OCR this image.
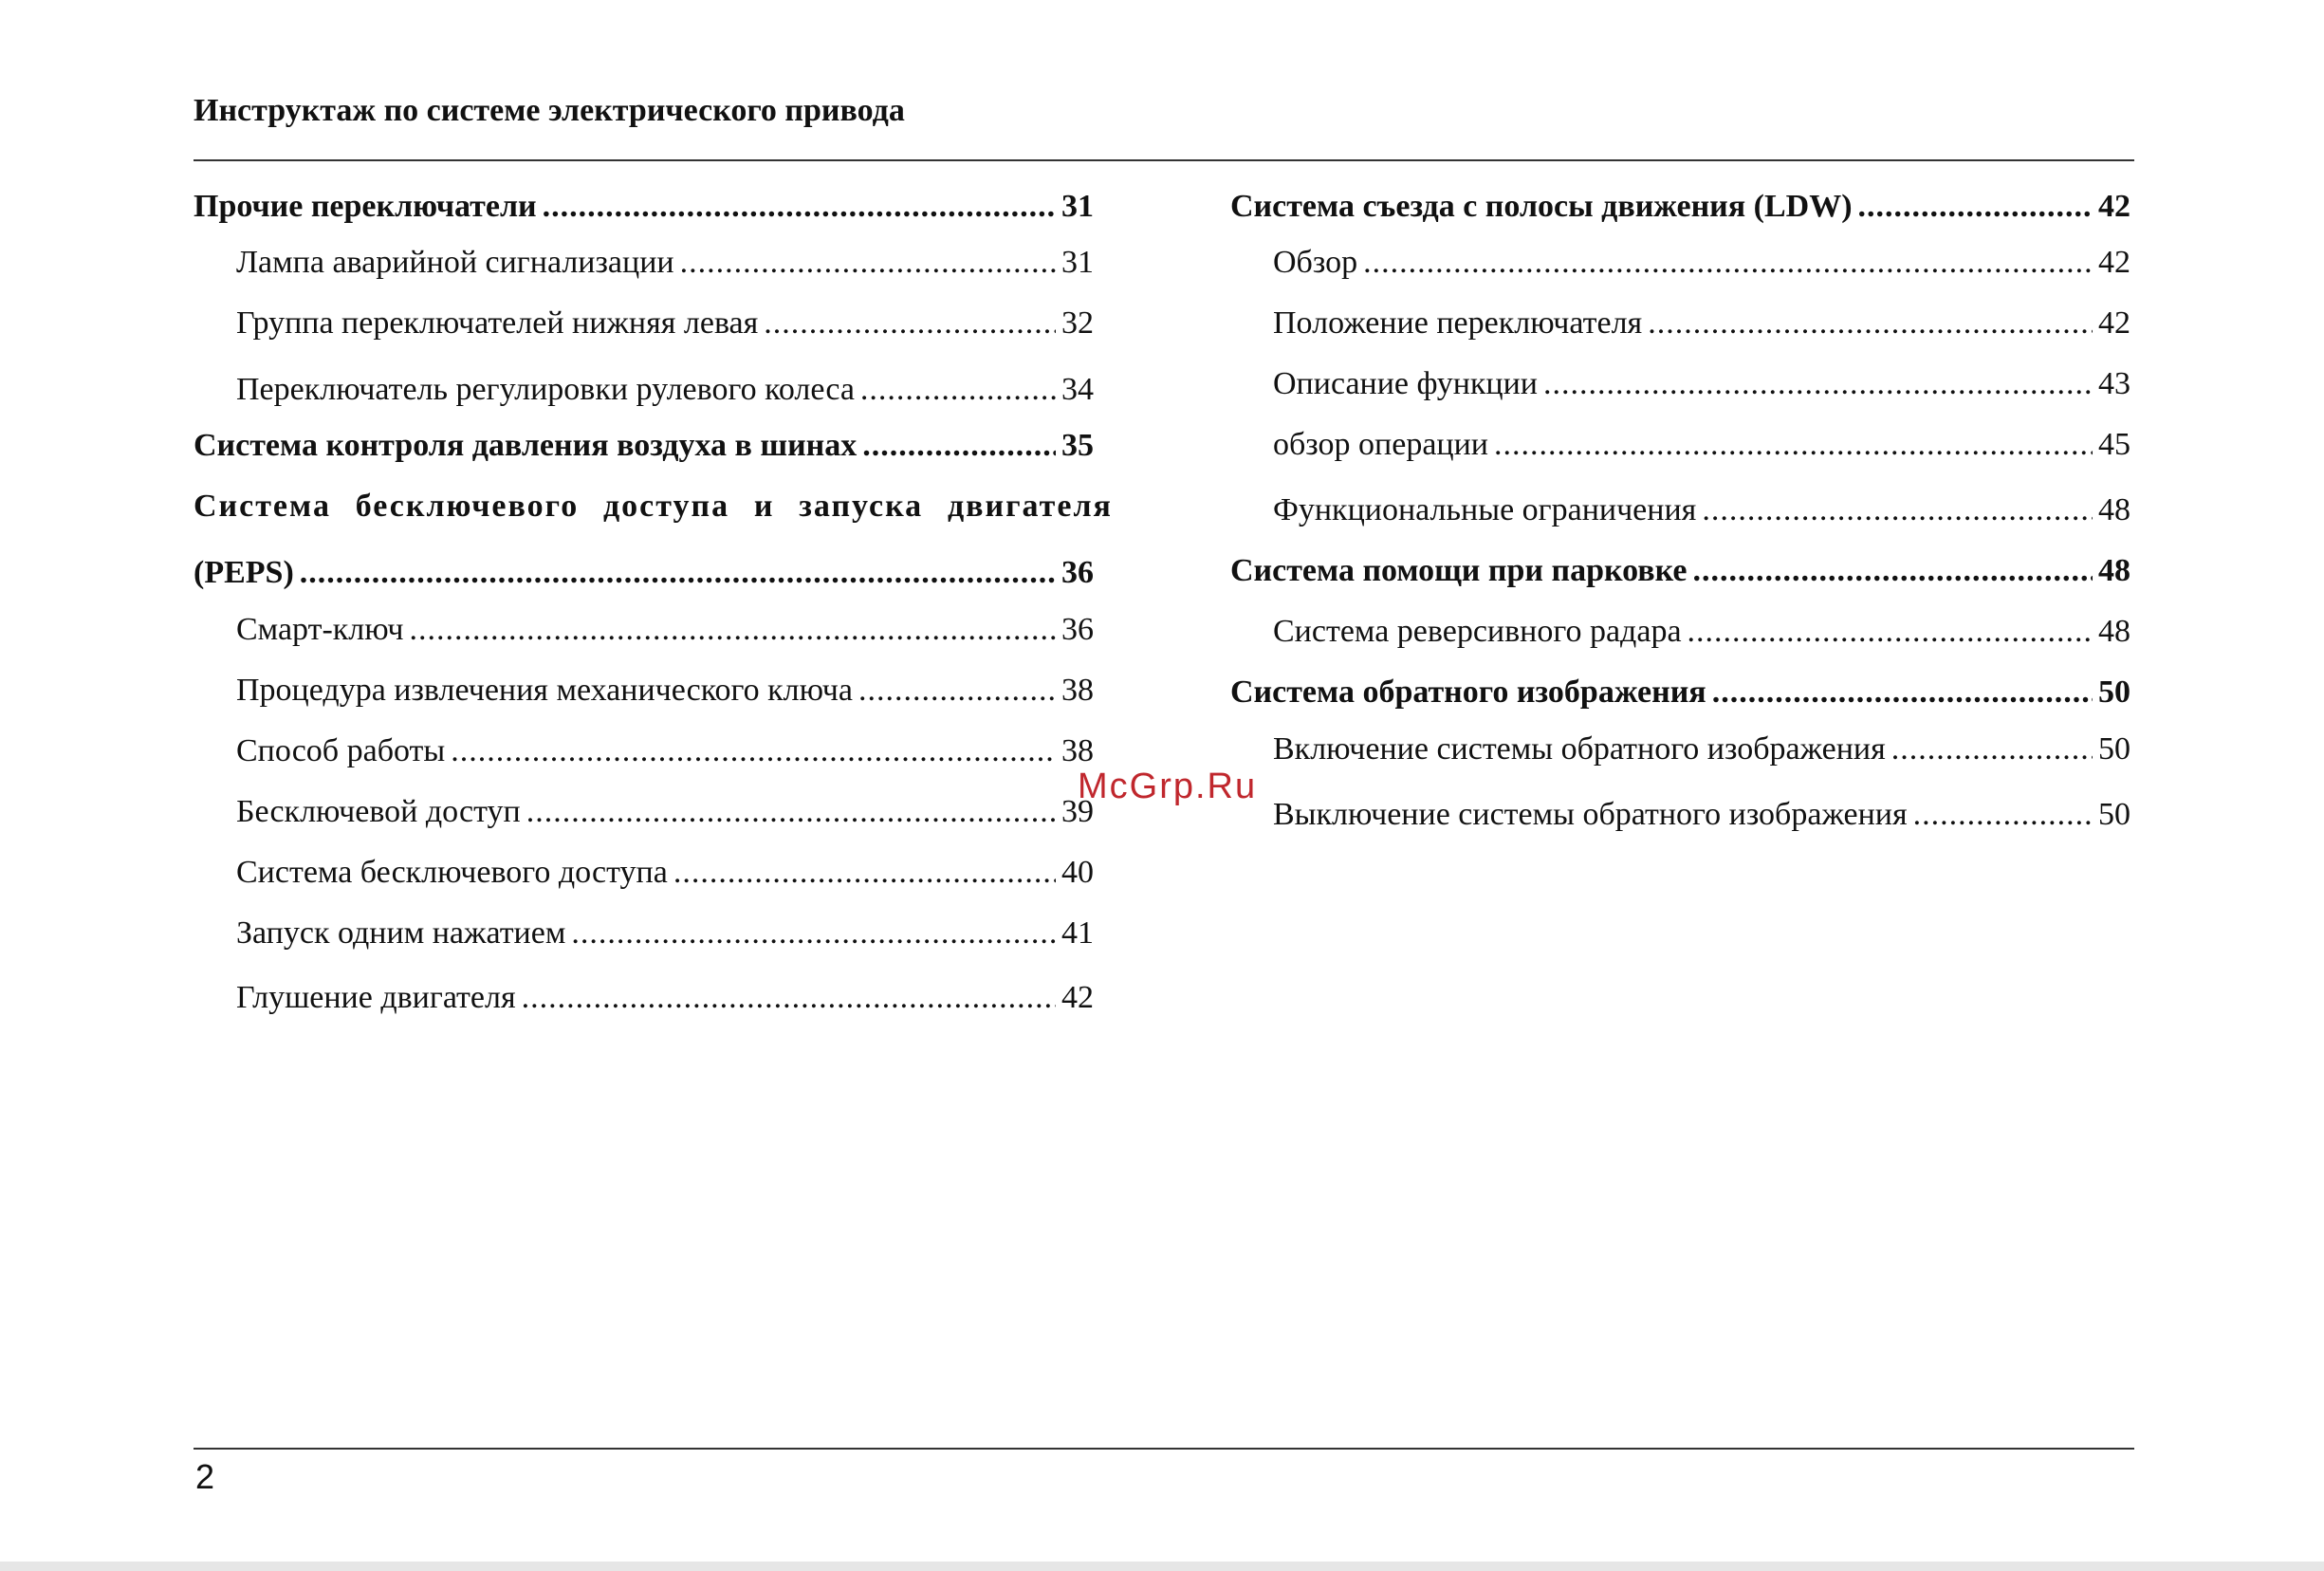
Инструктаж по системе электрического привода
Прочие переключатели .....	31
Лампа аварийной сигнализации .....	31
Группа переключателей нижняя левая .....	32
Переключатель регулировки рулевого колеса .....	34
Система контроля давления воздуха в шинах .....	35
Система бесключевого доступа и запуска двигателя
(PEPS) .....	36
Смарт-ключ .....	36
Процедура извлечения механического ключа .....	38
Способ работы .....	38
Бесключевой доступ .....	39
Система бесключевого доступа .....	40
Запуск одним нажатием .....	41
Глушение двигателя .....	42
Система съезда с полосы движения (LDW) .....	42
Обзор .....	42
Положение переключателя .....	42
Описание функции .....	43
обзор операции .....	45
Функциональные ограничения .....	48
Система помощи при парковке .....	48
Система реверсивного радара .....	48
Система обратного изображения .....	50
Включение системы обратного изображения .....	50
Выключение системы обратного изображения .....	50
McGrp.Ru
2
